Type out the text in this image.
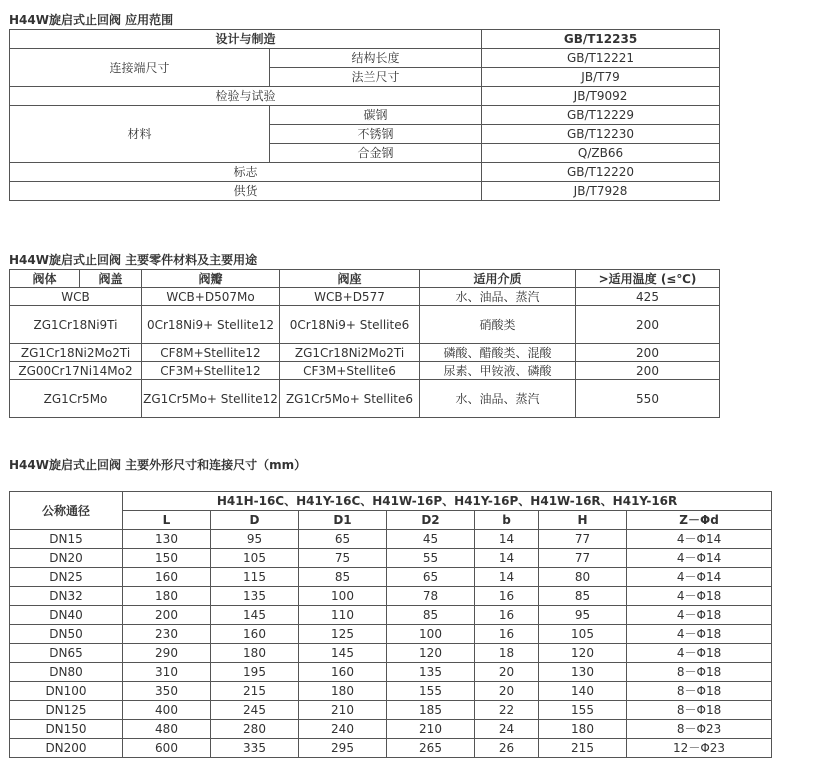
H44W旋启式止回阀 应用范围
设计与制造		GB/T12235
连接端尺寸	结构长度	GB/T12221
	法兰尺寸	JB/T79
检验与试验		JB/T9092
材料	碳钢	GB/T12229
	不锈钢	GB/T12230
	合金钢	Q/ZB66
标志		GB/T12220
供货		JB/T7928
H44W旋启式止回阀 主要零件材料及主要用途
阀体	阀盖	阀瓣	阀座	适用介质	>适用温度 (≤℃)
WCB		WCB+D507Mo	WCB+D577	水、油品、蒸汽	425
ZG1Cr18Ni9Ti		0Cr18Ni9+ Stellite12	0Cr18Ni9+ Stellite6	硝酸类	200
ZG1Cr18Ni2Mo2Ti		CF8M+Stellite12	ZG1Cr18Ni2Mo2Ti	磷酸、醋酸类、混酸	200
ZG00Cr17Ni14Mo2		CF3M+Stellite12	CF3M+Stellite6	尿素、甲铵液、磷酸	200
ZG1Cr5Mo		ZG1Cr5Mo+ Stellite12	ZG1Cr5Mo+ Stellite6	水、油品、蒸汽	550
H44W旋启式止回阀 主要外形尺寸和连接尺寸（mm）
公称通径	H41H-16C、H41Y-16C、H41W-16P、H41Y-16P、H41W-16R、H41Y-16R						
	L	D	D1	D2	b	H	Z－Φd
DN15	130	95	65	45	14	77	4－Φ14
DN20	150	105	75	55	14	77	4－Φ14
DN25	160	115	85	65	14	80	4－Φ14
DN32	180	135	100	78	16	85	4－Φ18
DN40	200	145	110	85	16	95	4－Φ18
DN50	230	160	125	100	16	105	4－Φ18
DN65	290	180	145	120	18	120	4－Φ18
DN80	310	195	160	135	20	130	8－Φ18
DN100	350	215	180	155	20	140	8－Φ18
DN125	400	245	210	185	22	155	8－Φ18
DN150	480	280	240	210	24	180	8－Φ23
DN200	600	335	295	265	26	215	12－Φ23
